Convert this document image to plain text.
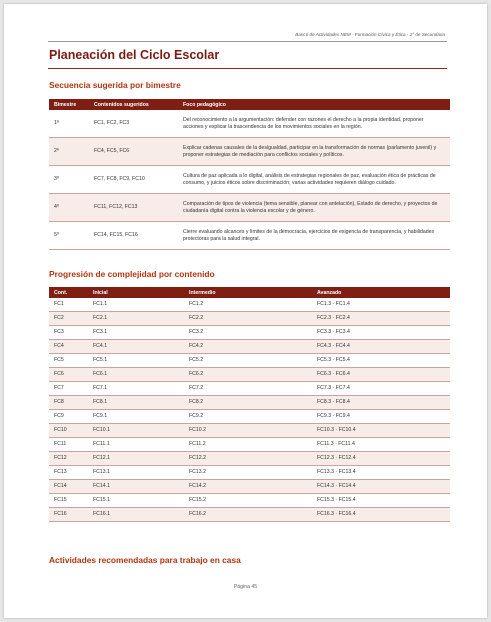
Banco de Actividades NEM - Formación Cívica y Ética · 2° de Secundaria
Planeación del Ciclo Escolar
Secuencia sugerida por bimestre
Bimestre	Contenidos sugeridos	Foco pedagógico
1º	FC1, FC2, FC3	Del reconocimiento a la argumentación: defender con razones el derecho a la propia identidad, proponer acciones y explicar la trascendencia de los movimientos sociales en la región.
2º	FC4, FC5, FC6	Explicar cadenas causales de la desigualdad, participar en la transformación de normas (parlamento juvenil) y proponer estrategias de mediación para conflictos sociales y políticos.
3º	FC7, FC8, FC9, FC10	Cultura de paz aplicada a lo digital, análisis de estrategias regionales de paz, evaluación ética de prácticas de consumo, y juicios éticos sobre discriminación; varias actividades requieren diálogo cuidado.
4º	FC11, FC12, FC13	Comparación de tipos de violencia (tema sensible, planear con antelación), Estado de derecho, y proyectos de ciudadanía digital contra la violencia escolar y de género.
5º	FC14, FC15, FC16	Cierre evaluando alcances y límites de la democracia, ejercicios de exigencia de transparencia, y habilidades protectoras para la salud integral.
Progresión de complejidad por contenido
Cont.	Inicial	Intermedio	Avanzado
FC1	FC1.1	FC1.2	FC1.3 · FC1.4
FC2	FC2.1	FC2.2	FC2.3 · FC2.4
FC3	FC3.1	FC3.2	FC3.3 · FC3.4
FC4	FC4.1	FC4.2	FC4.3 · FC4.4
FC5	FC5.1	FC5.2	FC5.3 · FC5.4
FC6	FC6.1	FC6.2	FC6.3 · FC6.4
FC7	FC7.1	FC7.2	FC7.3 · FC7.4
FC8	FC8.1	FC8.2	FC8.3 · FC8.4
FC9	FC9.1	FC9.2	FC9.3 · FC9.4
FC10	FC10.1	FC10.2	FC10.3 · FC10.4
FC11	FC11.1	FC11.2	FC11.3 · FC11.4
FC12	FC12.1	FC12.2	FC12.3 · FC12.4
FC13	FC13.1	FC13.2	FC13.3 · FC13.4
FC14	FC14.1	FC14.2	FC14.3 · FC14.4
FC15	FC15.1	FC15.2	FC15.3 · FC15.4
FC16	FC16.1	FC16.2	FC16.3 · FC16.4
Actividades recomendadas para trabajo en casa
Página 45
